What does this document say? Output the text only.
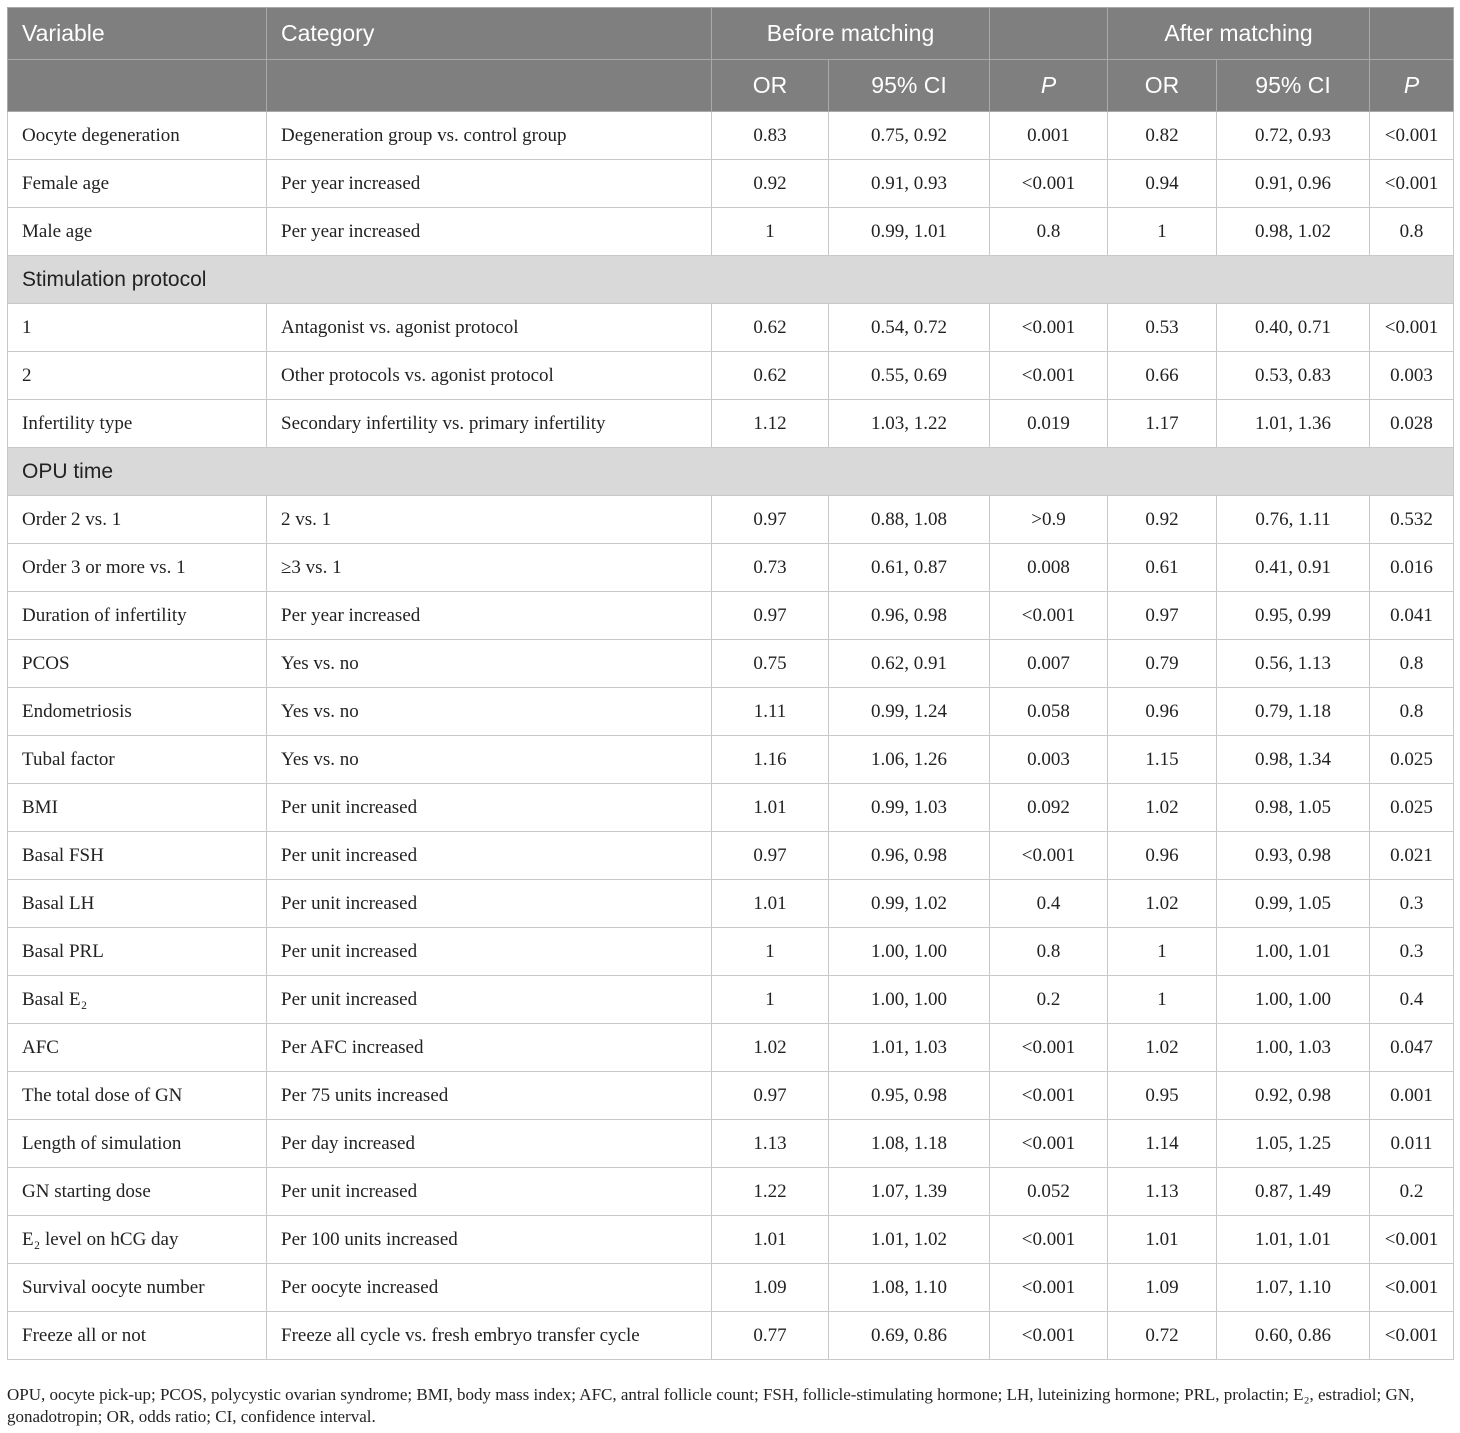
Variable	Category	Before matching			After matching		
		OR	95% CI	P	OR	95% CI	P
Oocyte degeneration	Degeneration group vs. control group	0.83	0.75, 0.92	0.001	0.82	0.72, 0.93	<0.001
Female age	Per year increased	0.92	0.91, 0.93	<0.001	0.94	0.91, 0.96	<0.001
Male age	Per year increased	1	0.99, 1.01	0.8	1	0.98, 1.02	0.8
Stimulation protocol							
1	Antagonist vs. agonist protocol	0.62	0.54, 0.72	<0.001	0.53	0.40, 0.71	<0.001
2	Other protocols vs. agonist protocol	0.62	0.55, 0.69	<0.001	0.66	0.53, 0.83	0.003
Infertility type	Secondary infertility vs. primary infertility	1.12	1.03, 1.22	0.019	1.17	1.01, 1.36	0.028
OPU time							
Order 2 vs. 1	2 vs. 1	0.97	0.88, 1.08	>0.9	0.92	0.76, 1.11	0.532
Order 3 or more vs. 1	≥3 vs. 1	0.73	0.61, 0.87	0.008	0.61	0.41, 0.91	0.016
Duration of infertility	Per year increased	0.97	0.96, 0.98	<0.001	0.97	0.95, 0.99	0.041
PCOS	Yes vs. no	0.75	0.62, 0.91	0.007	0.79	0.56, 1.13	0.8
Endometriosis	Yes vs. no	1.11	0.99, 1.24	0.058	0.96	0.79, 1.18	0.8
Tubal factor	Yes vs. no	1.16	1.06, 1.26	0.003	1.15	0.98, 1.34	0.025
BMI	Per unit increased	1.01	0.99, 1.03	0.092	1.02	0.98, 1.05	0.025
Basal FSH	Per unit increased	0.97	0.96, 0.98	<0.001	0.96	0.93, 0.98	0.021
Basal LH	Per unit increased	1.01	0.99, 1.02	0.4	1.02	0.99, 1.05	0.3
Basal PRL	Per unit increased	1	1.00, 1.00	0.8	1	1.00, 1.01	0.3
Basal E₂	Per unit increased	1	1.00, 1.00	0.2	1	1.00, 1.00	0.4
AFC	Per AFC increased	1.02	1.01, 1.03	<0.001	1.02	1.00, 1.03	0.047
The total dose of GN	Per 75 units increased	0.97	0.95, 0.98	<0.001	0.95	0.92, 0.98	0.001
Length of simulation	Per day increased	1.13	1.08, 1.18	<0.001	1.14	1.05, 1.25	0.011
GN starting dose	Per unit increased	1.22	1.07, 1.39	0.052	1.13	0.87, 1.49	0.2
E₂ level on hCG day	Per 100 units increased	1.01	1.01, 1.02	<0.001	1.01	1.01, 1.01	<0.001
Survival oocyte number	Per oocyte increased	1.09	1.08, 1.10	<0.001	1.09	1.07, 1.10	<0.001
Freeze all or not	Freeze all cycle vs. fresh embryo transfer cycle	0.77	0.69, 0.86	<0.001	0.72	0.60, 0.86	<0.001
OPU, oocyte pick-up; PCOS, polycystic ovarian syndrome; BMI, body mass index; AFC, antral follicle count; FSH, follicle-stimulating hormone; LH, luteinizing hormone; PRL, prolactin; E₂, estradiol; GN, gonadotropin; OR, odds ratio; CI, confidence interval.
